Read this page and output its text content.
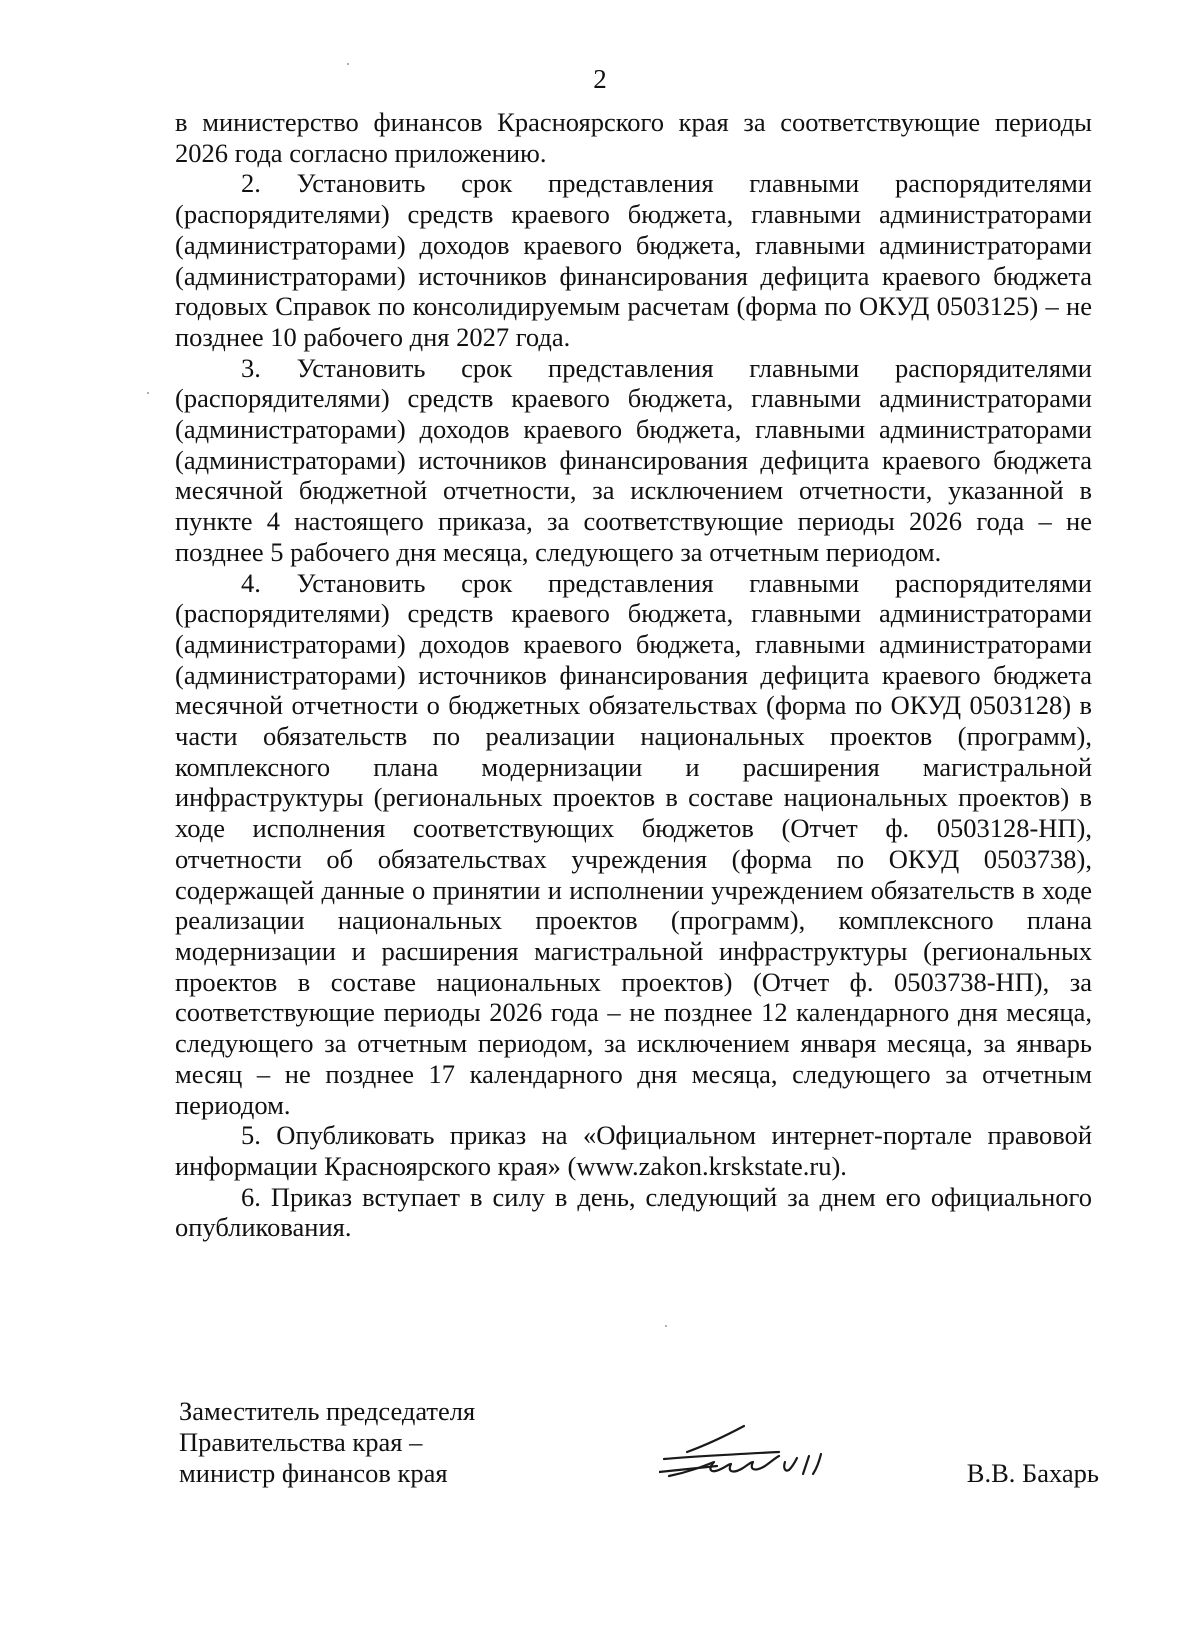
2

в министерство финансов Красноярского края за соответствующие периоды 2026 года согласно приложению.

2. Установить срок представления главными распорядителями (распорядителями) средств краевого бюджета, главными администраторами (администраторами) доходов краевого бюджета, главными администраторами (администраторами) источников финансирования дефицита краевого бюджета годовых Справок по консолидируемым расчетам (форма по ОКУД 0503125) – не позднее 10 рабочего дня 2027 года.

3. Установить срок представления главными распорядителями (распорядителями) средств краевого бюджета, главными администраторами (администраторами) доходов краевого бюджета, главными администраторами (администраторами) источников финансирования дефицита краевого бюджета месячной бюджетной отчетности, за исключением отчетности, указанной в пункте 4 настоящего приказа, за соответствующие периоды 2026 года – не позднее 5 рабочего дня месяца, следующего за отчетным периодом.

4. Установить срок представления главными распорядителями (распорядителями) средств краевого бюджета, главными администраторами (администраторами) доходов краевого бюджета, главными администраторами (администраторами) источников финансирования дефицита краевого бюджета месячной отчетности о бюджетных обязательствах (форма по ОКУД 0503128) в части обязательств по реализации национальных проектов (программ), комплексного плана модернизации и расширения магистральной инфраструктуры (региональных проектов в составе национальных проектов) в ходе исполнения соответствующих бюджетов (Отчет ф. 0503128-НП), отчетности об обязательствах учреждения (форма по ОКУД 0503738), содержащей данные о принятии и исполнении учреждением обязательств в ходе реализации национальных проектов (программ), комплексного плана модернизации и расширения магистральной инфраструктуры (региональных проектов в составе национальных проектов) (Отчет ф. 0503738-НП), за соответствующие периоды 2026 года – не позднее 12 календарного дня месяца, следующего за отчетным периодом, за исключением января месяца, за январь месяц – не позднее 17 календарного дня месяца, следующего за отчетным периодом.

5. Опубликовать приказ на «Официальном интернет-портале правовой информации Красноярского края» (www.zakon.krskstate.ru).

6. Приказ вступает в силу в день, следующий за днем его официального опубликования.

Заместитель председателя
Правительства края –
министр финансов края	В.В. Бахарь
